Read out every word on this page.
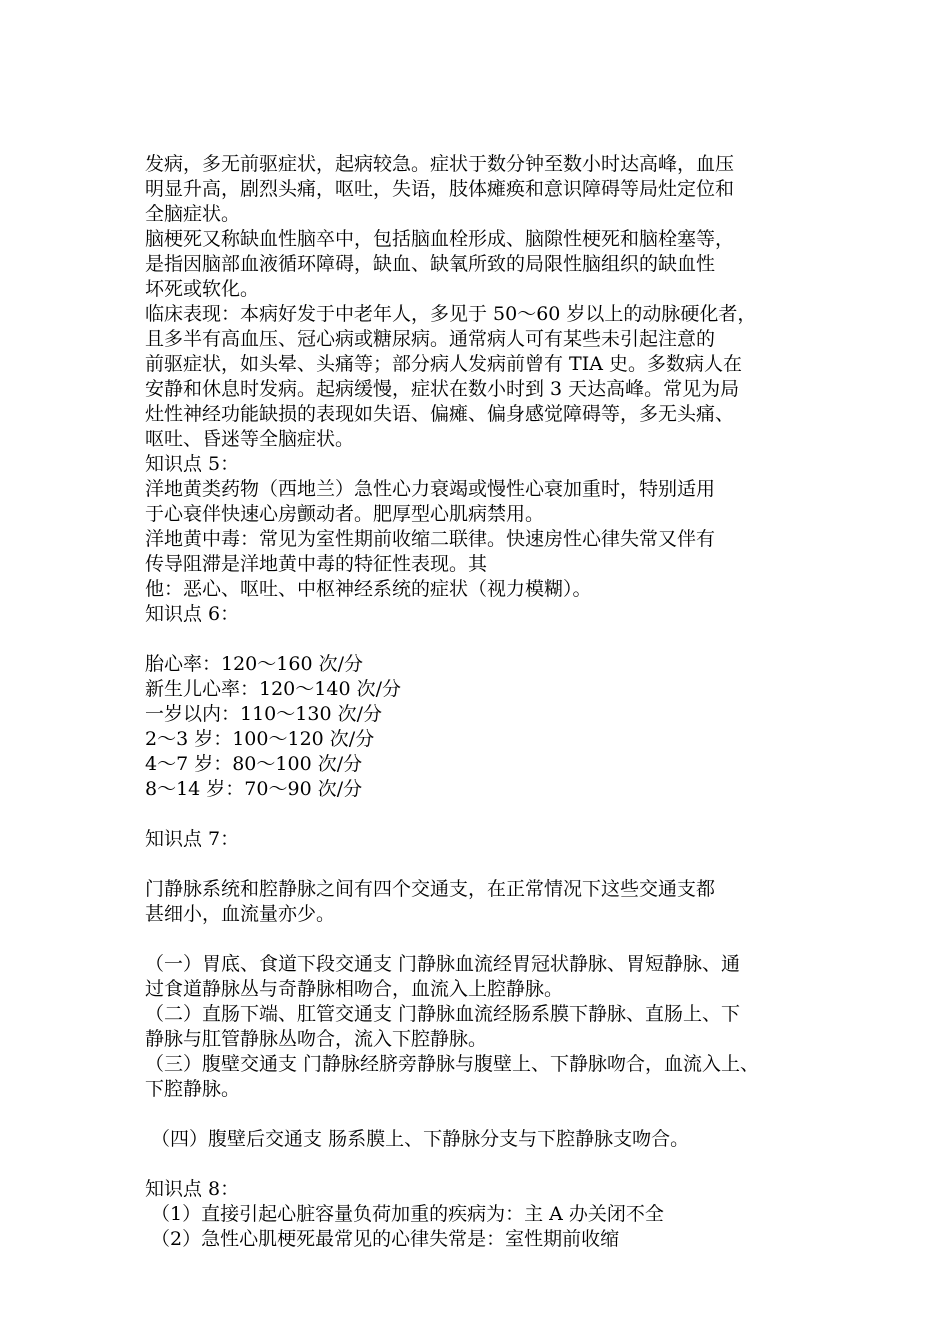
发病，多无前驱症状，起病较急。症状于数分钟至数小时达高峰，血压

明显升高，剧烈头痛，呕吐，失语，肢体瘫痪和意识障碍等局灶定位和

全脑症状。

脑梗死又称缺血性脑卒中，包括脑血栓形成、脑隙性梗死和脑栓塞等，

是指因脑部血液循环障碍，缺血、缺氧所致的局限性脑组织的缺血性

坏死或软化。

临床表现：本病好发于中老年人，多见于 50～60 岁以上的动脉硬化者，

且多半有高血压、冠心病或糖尿病。通常病人可有某些未引起注意的

前驱症状，如头晕、头痛等；部分病人发病前曾有 TIA 史。多数病人在

安静和休息时发病。起病缓慢，症状在数小时到 3 天达高峰。常见为局

灶性神经功能缺损的表现如失语、偏瘫、偏身感觉障碍等，多无头痛、

呕吐、昏迷等全脑症状。

知识点 5：

洋地黄类药物（西地兰）急性心力衰竭或慢性心衰加重时，特别适用

于心衰伴快速心房颤动者。肥厚型心肌病禁用。

洋地黄中毒：常见为室性期前收缩二联律。快速房性心律失常又伴有

传导阻滞是洋地黄中毒的特征性表现。其

他：恶心、呕吐、中枢神经系统的症状（视力模糊）。

知识点 6：

胎心率：120～160 次/分

新生儿心率：120～140 次/分

一岁以内：110～130 次/分

2～3 岁：100～120 次/分

4～7 岁：80～100 次/分

8～14 岁：70～90 次/分

知识点 7：

门静脉系统和腔静脉之间有四个交通支，在正常情况下这些交通支都

甚细小，血流量亦少。

（一）胃底、食道下段交通支 门静脉血流经胃冠状静脉、胃短静脉、通

过食道静脉丛与奇静脉相吻合，血流入上腔静脉。

（二）直肠下端、肛管交通支 门静脉血流经肠系膜下静脉、直肠上、下

静脉与肛管静脉丛吻合，流入下腔静脉。

（三）腹壁交通支 门静脉经脐旁静脉与腹壁上、下静脉吻合，血流入上、

下腔静脉。

（四）腹壁后交通支 肠系膜上、下静脉分支与下腔静脉支吻合。

知识点 8：

（1）直接引起心脏容量负荷加重的疾病为：主 A 办关闭不全

（2）急性心肌梗死最常见的心律失常是：室性期前收缩
